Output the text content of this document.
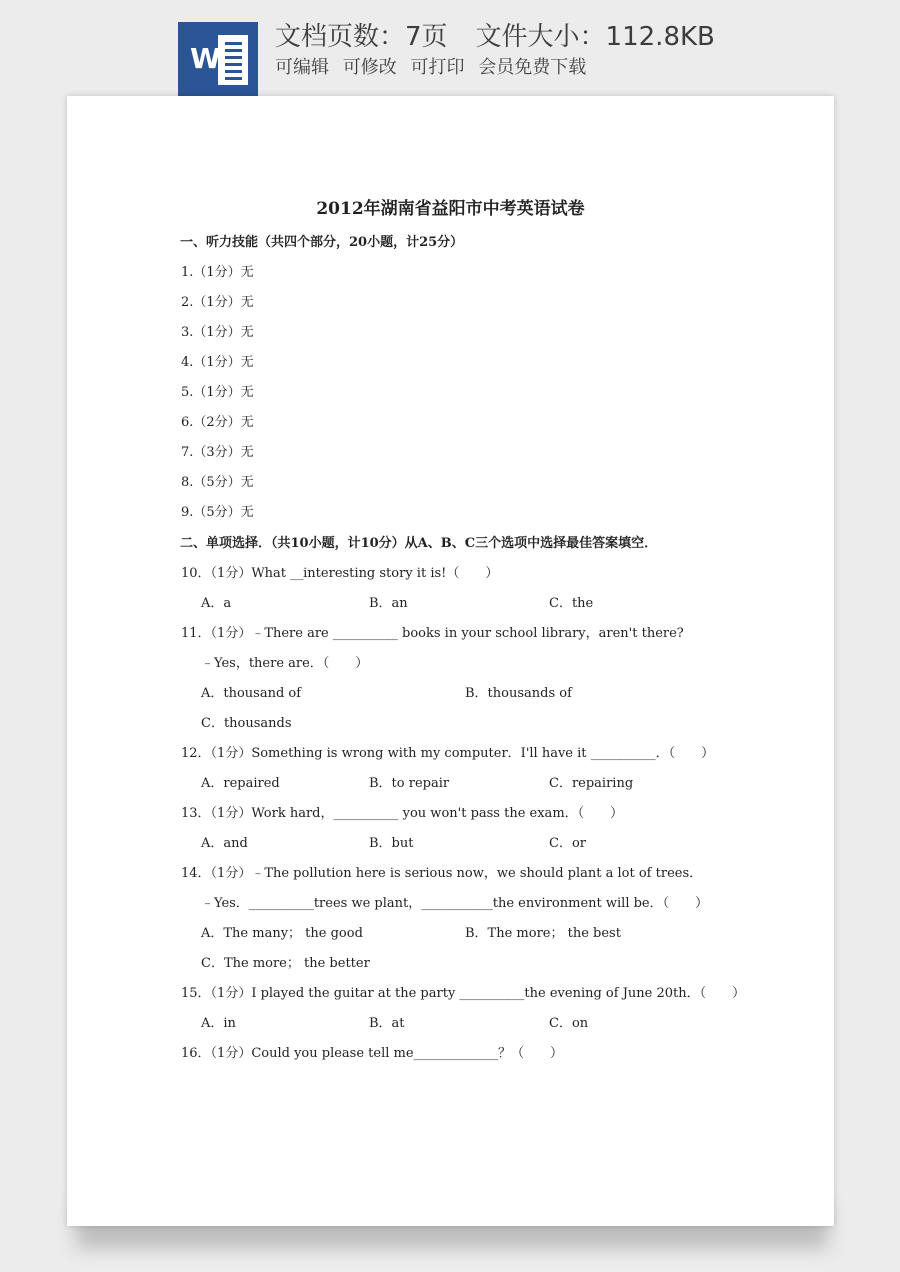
W
文档页数：7页 文件大小：112.8KB
可编辑 可修改 可打印 会员免费下载
2012年湖南省益阳市中考英语试卷
一、听力技能（共四个部分，20小题，计25分）
1.（1分）无
2.（1分）无
3.（1分）无
4.（1分）无
5.（1分）无
6.（2分）无
7.（3分）无
8.（5分）无
9.（5分）无
二、单项选择．（共10小题，计10分）从A、B、C三个选项中选择最佳答案填空．
10．（1分）What __interesting story it is!（　　）
A．a	B．an	C．the
11．（1分）﹣There are __________ books in your school library，aren't there?
﹣Yes，there are．（　　）
A．thousand of	B．thousands of
C．thousands
12．（1分）Something is wrong with my computer．I'll have it __________．（　　）
A．repaired	B．to repair	C．repairing
13．（1分）Work hard，__________ you won't pass the exam．（　　）
A．and	B．but	C．or
14．（1分）﹣The pollution here is serious now，we should plant a lot of trees．
﹣Yes．__________trees we plant，___________the environment will be．（　　）
A．The many； the good	B．The more； the best
C．The more； the better
15．（1分）I played the guitar at the party __________the evening of June 20th．（　　）
A．in	B．at	C．on
16．（1分）Could you please tell me_____________？（　　）
